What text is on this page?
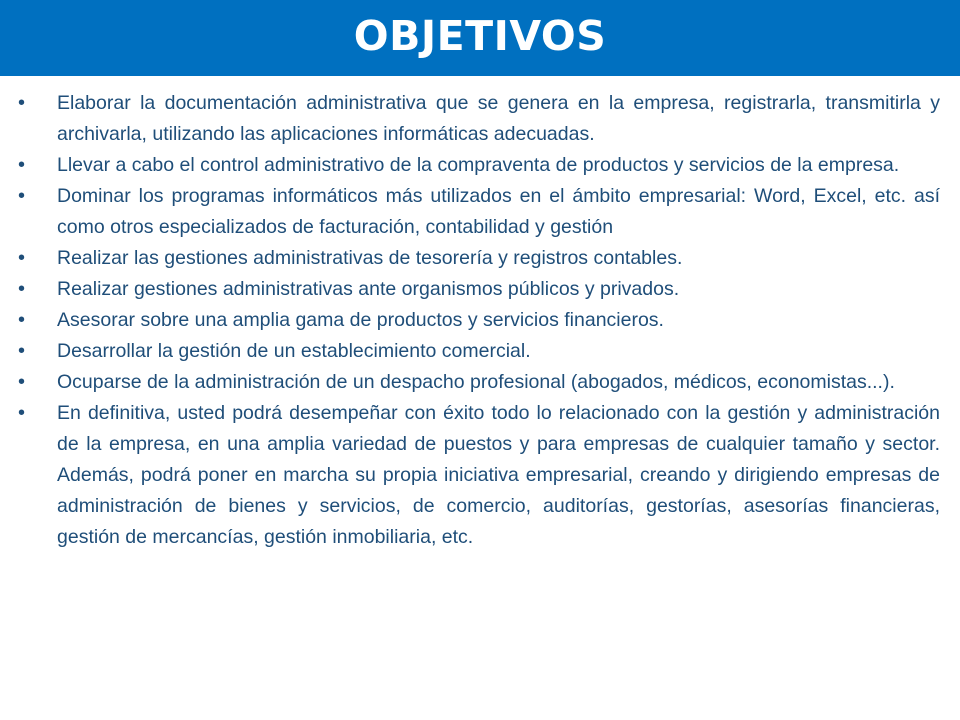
OBJETIVOS
•	Elaborar la documentación administrativa que se genera en la empresa, registrarla, transmitirla y archivarla, utilizando las aplicaciones informáticas adecuadas.
•	Llevar a cabo el control administrativo de la compraventa de productos y servicios de la empresa.
•	Dominar los programas informáticos más utilizados en el ámbito empresarial: Word, Excel, etc. así como otros especializados de facturación, contabilidad y gestión
•	Realizar las gestiones administrativas de tesorería y registros contables.
•	Realizar gestiones administrativas ante organismos públicos y privados.
•	Asesorar sobre una amplia gama de productos y servicios financieros.
•	Desarrollar la gestión de un establecimiento comercial.
•	Ocuparse de la administración de un despacho profesional (abogados, médicos, economistas...).
•	En definitiva, usted podrá desempeñar con éxito todo lo relacionado con la gestión y administración de la empresa, en una amplia variedad de puestos y para empresas de cualquier tamaño y sector. Además, podrá poner en marcha su propia iniciativa empresarial, creando y dirigiendo empresas de administración de bienes y servicios, de comercio, auditorías, gestorías, asesorías financieras, gestión de mercancías, gestión inmobiliaria, etc.
